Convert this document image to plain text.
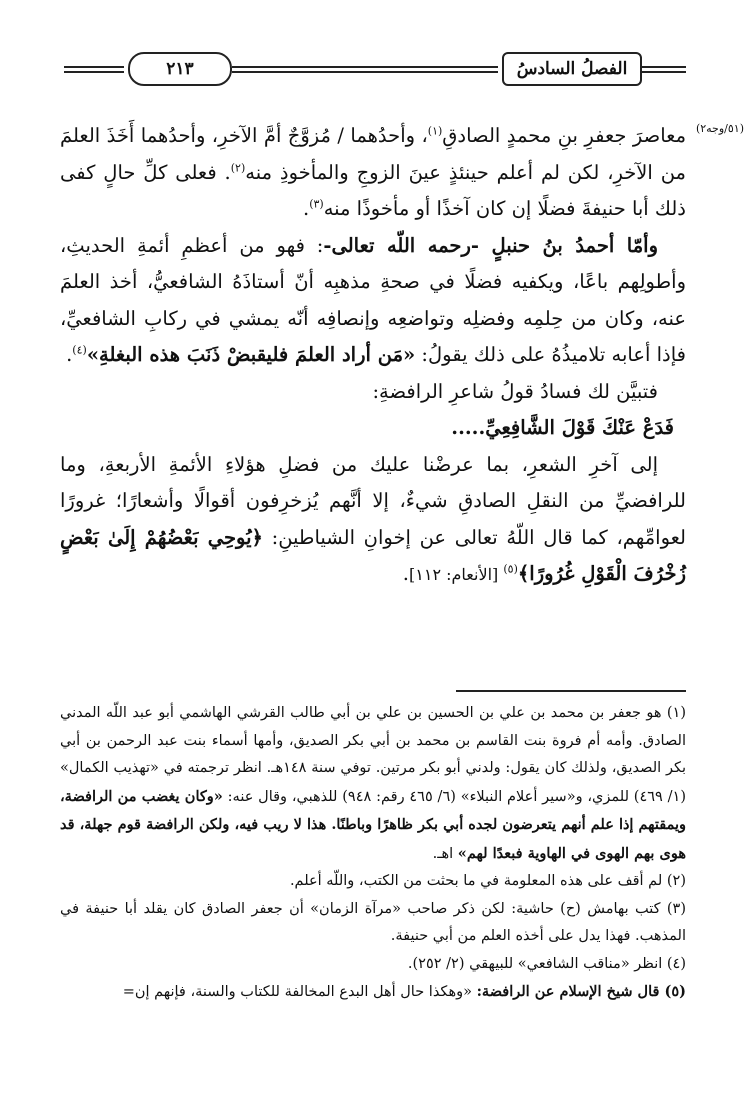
٢١٣	الفصلُ السادسُ
(٥١/وجه٢)

معاصرَ جعفرِ بنِ محمدٍ الصادقِ$^{(١)}$، وأحدُهما / مُزوَّجٌ أمَّ الآخرِ، وأحدُهما أَخَذَ العلمَ من الآخرِ، لكن لم أعلم حينئذٍ عينَ الزوجِ والمأخوذِ منه$^{(٢)}$. فعلى كلِّ حالٍ كفى ذلك أبا حنيفةَ فضلًا إن كان آخذًا أو مأخوذًا منه$^{(٣)}$.

وأمّا أحمدُ بنُ حنبلٍ -رحمه اللّه تعالى-: فهو من أعظمِ أئمةِ الحديثِ، وأطولِهم باعًا، ويكفيه فضلًا في صحةِ مذهبِه أنّ أستاذَهُ الشافعيُّ، أخذ العلمَ عنه، وكان من حِلمِه وفضلِه وتواضعِه وإنصافِه أنّه يمشي في ركابِ الشافعيِّ، فإذا أعابه تلاميذُهُ على ذلك يقولُ: «مَن أراد العلمَ فليقبضْ ذَنَبَ هذه البغلةِ»$^{(٤)}$.

فتبيَّن لك فسادُ قولُ شاعرِ الرافضةِ:

فَدَعْ عَنْكَ قَوْلَ الشَّافِعِيِّ.....

إلى آخرِ الشعرِ، بما عرضْنا عليك من فضلِ هؤلاءِ الأئمةِ الأربعةِ، وما للرافضيِّ من النقلِ الصادقِ شيءٌ، إلا أنَّهم يُزخرِفون أقوالًا وأشعارًا؛ غرورًا لعوامِّهم، كما قال اللّهُ تعالى عن إخوانِ الشياطينِ: ﴿يُوحِي بَعْضُهُمْ إِلَىٰ بَعْضٍ زُخْرُفَ الْقَوْلِ غُرُورًا﴾$^{(٥)}$ [الأنعام: ١١٢].

(١) هو جعفر بن محمد بن علي بن الحسين بن علي بن أبي طالب القرشي الهاشمي أبو عبد اللّه المدني الصادق. وأمه أم فروة بنت القاسم بن محمد بن أبي بكر الصديق، وأمها أسماء بنت عبد الرحمن بن أبي بكر الصديق، ولذلك كان يقول: ولدني أبو بكر مرتين. توفي سنة ١٤٨هـ. انظر ترجمته في «تهذيب الكمال» (١/ ٤٦٩) للمزي، و«سير أعلام النبلاء» (٦/ ٤٦٥ رقم: ٩٤٨) للذهبي، وقال عنه: «وكان يغضب من الرافضة، ويمقتهم إذا علم أنهم يتعرضون لجده أبي بكر ظاهرًا وباطنًا. هذا لا ريب فيه، ولكن الرافضة قوم جهلة، قد هوى بهم الهوى في الهاوية فبعدًا لهم» اهـ.

(٢) لم أقف على هذه المعلومة في ما بحثت من الكتب، واللّه أعلم.

(٣) كتب بهامش (ح) حاشية: لكن ذكر صاحب «مرآة الزمان» أن جعفر الصادق كان يقلد أبا حنيفة في المذهب. فهذا يدل على أخذه العلم من أبي حنيفة.

(٤) انظر «مناقب الشافعي» للبيهقي (٢/ ٢٥٢).

(٥) قال شيخ الإسلام عن الرافضة: «وهكذا حال أهل البدع المخالفة للكتاب والسنة، فإنهم إن=
